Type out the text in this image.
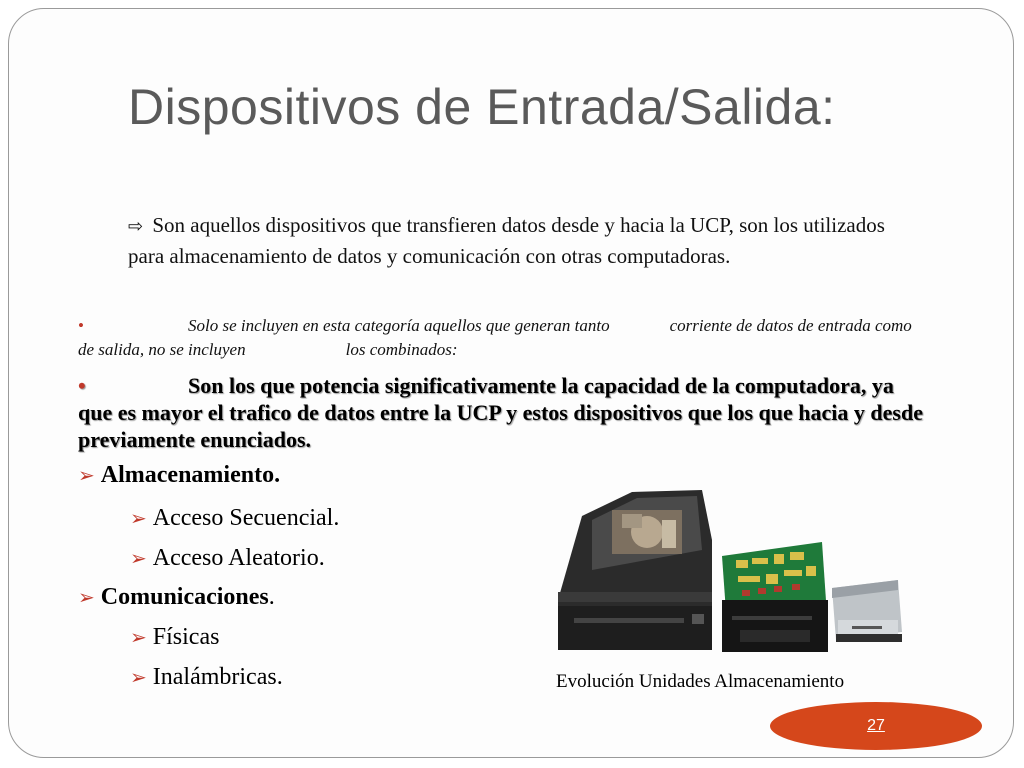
Dispositivos de Entrada/Salida:
⇨ Son aquellos dispositivos que transfieren datos desde y hacia la UCP, son los utilizados para almacenamiento de datos y comunicación con otras computadoras.
•	Solo se incluyen en esta categoría aquellos que generan tanto	corriente de datos de entrada como de salida, no se incluyen	los combinados:
•	Son los que potencia significativamente la capacidad de la computadora, ya que es mayor el trafico de datos entre la UCP y estos dispositivos que los que hacia y desde previamente enunciados.
➢ Almacenamiento.
➢ Acceso Secuencial.
➢ Acceso Aleatorio.
➢ Comunicaciones.
➢ Físicas
➢ Inalámbricas.	Evolución Unidades Almacenamiento
27
